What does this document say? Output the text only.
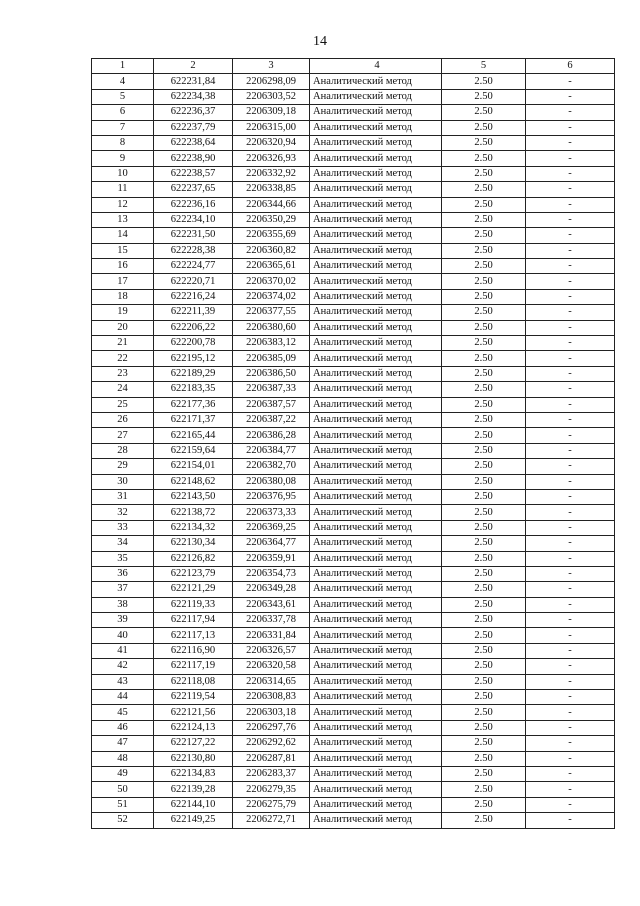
14
1	2	3	4	5	6
4	622231,84	2206298,09	Аналитический метод	2.50	-
5	622234,38	2206303,52	Аналитический метод	2.50	-
6	622236,37	2206309,18	Аналитический метод	2.50	-
7	622237,79	2206315,00	Аналитический метод	2.50	-
8	622238,64	2206320,94	Аналитический метод	2.50	-
9	622238,90	2206326,93	Аналитический метод	2.50	-
10	622238,57	2206332,92	Аналитический метод	2.50	-
11	622237,65	2206338,85	Аналитический метод	2.50	-
12	622236,16	2206344,66	Аналитический метод	2.50	-
13	622234,10	2206350,29	Аналитический метод	2.50	-
14	622231,50	2206355,69	Аналитический метод	2.50	-
15	622228,38	2206360,82	Аналитический метод	2.50	-
16	622224,77	2206365,61	Аналитический метод	2.50	-
17	622220,71	2206370,02	Аналитический метод	2.50	-
18	622216,24	2206374,02	Аналитический метод	2.50	-
19	622211,39	2206377,55	Аналитический метод	2.50	-
20	622206,22	2206380,60	Аналитический метод	2.50	-
21	622200,78	2206383,12	Аналитический метод	2.50	-
22	622195,12	2206385,09	Аналитический метод	2.50	-
23	622189,29	2206386,50	Аналитический метод	2.50	-
24	622183,35	2206387,33	Аналитический метод	2.50	-
25	622177,36	2206387,57	Аналитический метод	2.50	-
26	622171,37	2206387,22	Аналитический метод	2.50	-
27	622165,44	2206386,28	Аналитический метод	2.50	-
28	622159,64	2206384,77	Аналитический метод	2.50	-
29	622154,01	2206382,70	Аналитический метод	2.50	-
30	622148,62	2206380,08	Аналитический метод	2.50	-
31	622143,50	2206376,95	Аналитический метод	2.50	-
32	622138,72	2206373,33	Аналитический метод	2.50	-
33	622134,32	2206369,25	Аналитический метод	2.50	-
34	622130,34	2206364,77	Аналитический метод	2.50	-
35	622126,82	2206359,91	Аналитический метод	2.50	-
36	622123,79	2206354,73	Аналитический метод	2.50	-
37	622121,29	2206349,28	Аналитический метод	2.50	-
38	622119,33	2206343,61	Аналитический метод	2.50	-
39	622117,94	2206337,78	Аналитический метод	2.50	-
40	622117,13	2206331,84	Аналитический метод	2.50	-
41	622116,90	2206326,57	Аналитический метод	2.50	-
42	622117,19	2206320,58	Аналитический метод	2.50	-
43	622118,08	2206314,65	Аналитический метод	2.50	-
44	622119,54	2206308,83	Аналитический метод	2.50	-
45	622121,56	2206303,18	Аналитический метод	2.50	-
46	622124,13	2206297,76	Аналитический метод	2.50	-
47	622127,22	2206292,62	Аналитический метод	2.50	-
48	622130,80	2206287,81	Аналитический метод	2.50	-
49	622134,83	2206283,37	Аналитический метод	2.50	-
50	622139,28	2206279,35	Аналитический метод	2.50	-
51	622144,10	2206275,79	Аналитический метод	2.50	-
52	622149,25	2206272,71	Аналитический метод	2.50	-
